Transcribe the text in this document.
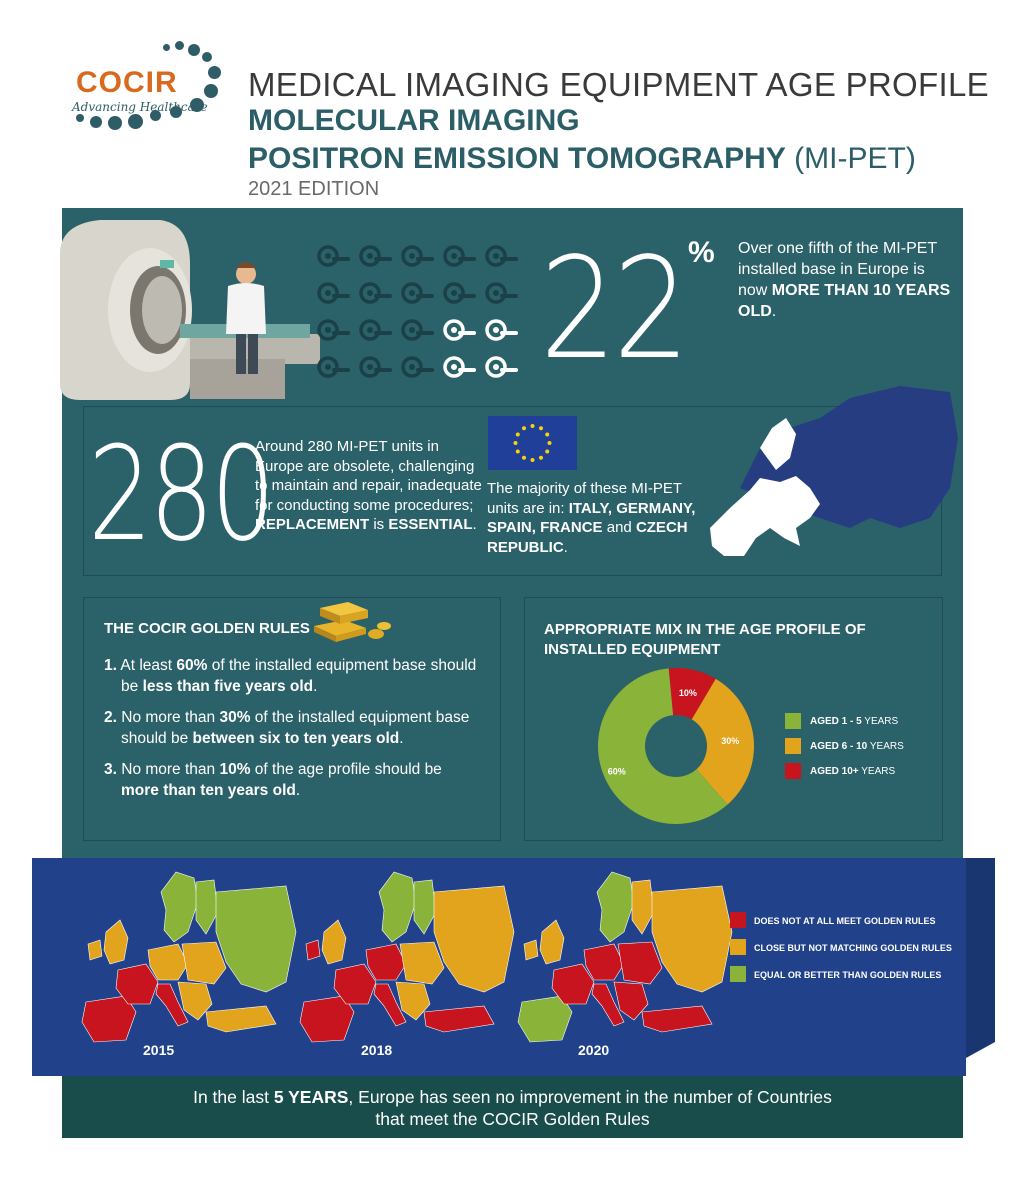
COCIR
Advancing Healthcare
MEDICAL IMAGING EQUIPMENT AGE PROFILE
MOLECULAR IMAGING
POSITRON EMISSION TOMOGRAPHY (MI-PET)
2021 EDITION
22 % Over one fifth of the MI-PET installed base in Europe is now MORE THAN 10 YEARS OLD.
280
Around 280 MI-PET units in Europe are obsolete, challenging to maintain and repair, inadequate for conducting some procedures; REPLACEMENT is ESSENTIAL.
The majority of these MI-PET units are in: ITALY, GERMANY, SPAIN, FRANCE and CZECH REPUBLIC.
THE COCIR GOLDEN RULES
1. At least 60% of the installed equipment base should
be less than five years old.
2. No more than 30% of the installed equipment base
should be between six to ten years old.
3. No more than 10% of the age profile should be
more than ten years old.
APPROPRIATE MIX IN THE AGE PROFILE OF INSTALLED EQUIPMENT
10%
30%
60%
AGED 1 - 5 YEARS
AGED 6 - 10 YEARS
AGED 10+ YEARS
2015	2018	2020
DOES NOT AT ALL MEET GOLDEN RULES
CLOSE BUT NOT MATCHING GOLDEN RULES
EQUAL OR BETTER THAN GOLDEN RULES
In the last 5 YEARS, Europe has seen no improvement in the number of Countries
that meet the COCIR Golden Rules
